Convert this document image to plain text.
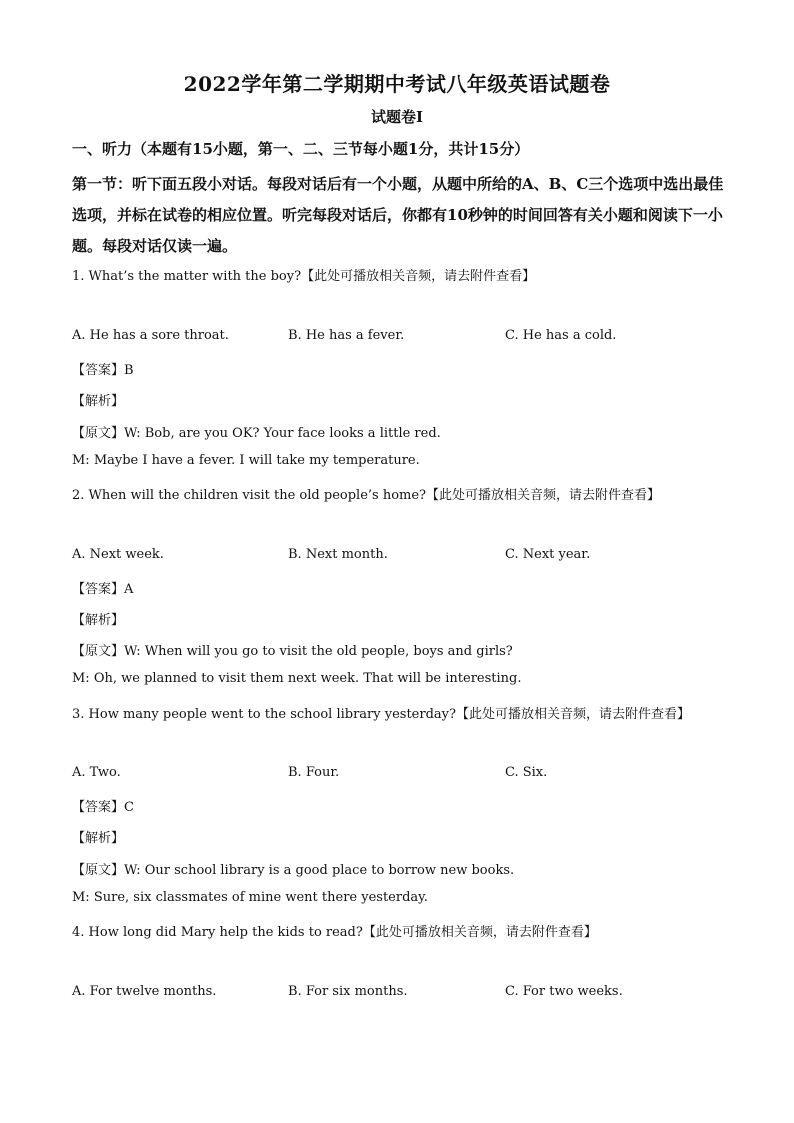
2022学年第二学期期中考试八年级英语试题卷
试题卷Ⅰ
一、听力（本题有15小题，第一、二、三节每小题1分，共计15分）
第一节：听下面五段小对话。每段对话后有一个小题，从题中所给的A、B、C三个选项中选出最佳选项，并标在试卷的相应位置。听完每段对话后，你都有10秒钟的时间回答有关小题和阅读下一小题。每段对话仅读一遍。
1. What’s the matter with the boy?【此处可播放相关音频，请去附件查看】
A. He has a sore throat.	B. He has a fever.	C. He has a cold.
【答案】B
【解析】
【原文】W: Bob, are you OK? Your face looks a little red.
M: Maybe I have a fever. I will take my temperature.
2. When will the children visit the old people’s home?【此处可播放相关音频，请去附件查看】
A. Next week.	B. Next month.	C. Next year.
【答案】A
【解析】
【原文】W: When will you go to visit the old people, boys and girls?
M: Oh, we planned to visit them next week. That will be interesting.
3. How many people went to the school library yesterday?【此处可播放相关音频，请去附件查看】
A. Two.	B. Four.	C. Six.
【答案】C
【解析】
【原文】W: Our school library is a good place to borrow new books.
M: Sure, six classmates of mine went there yesterday.
4. How long did Mary help the kids to read?【此处可播放相关音频，请去附件查看】
A. For twelve months.	B. For six months.	C. For two weeks.
